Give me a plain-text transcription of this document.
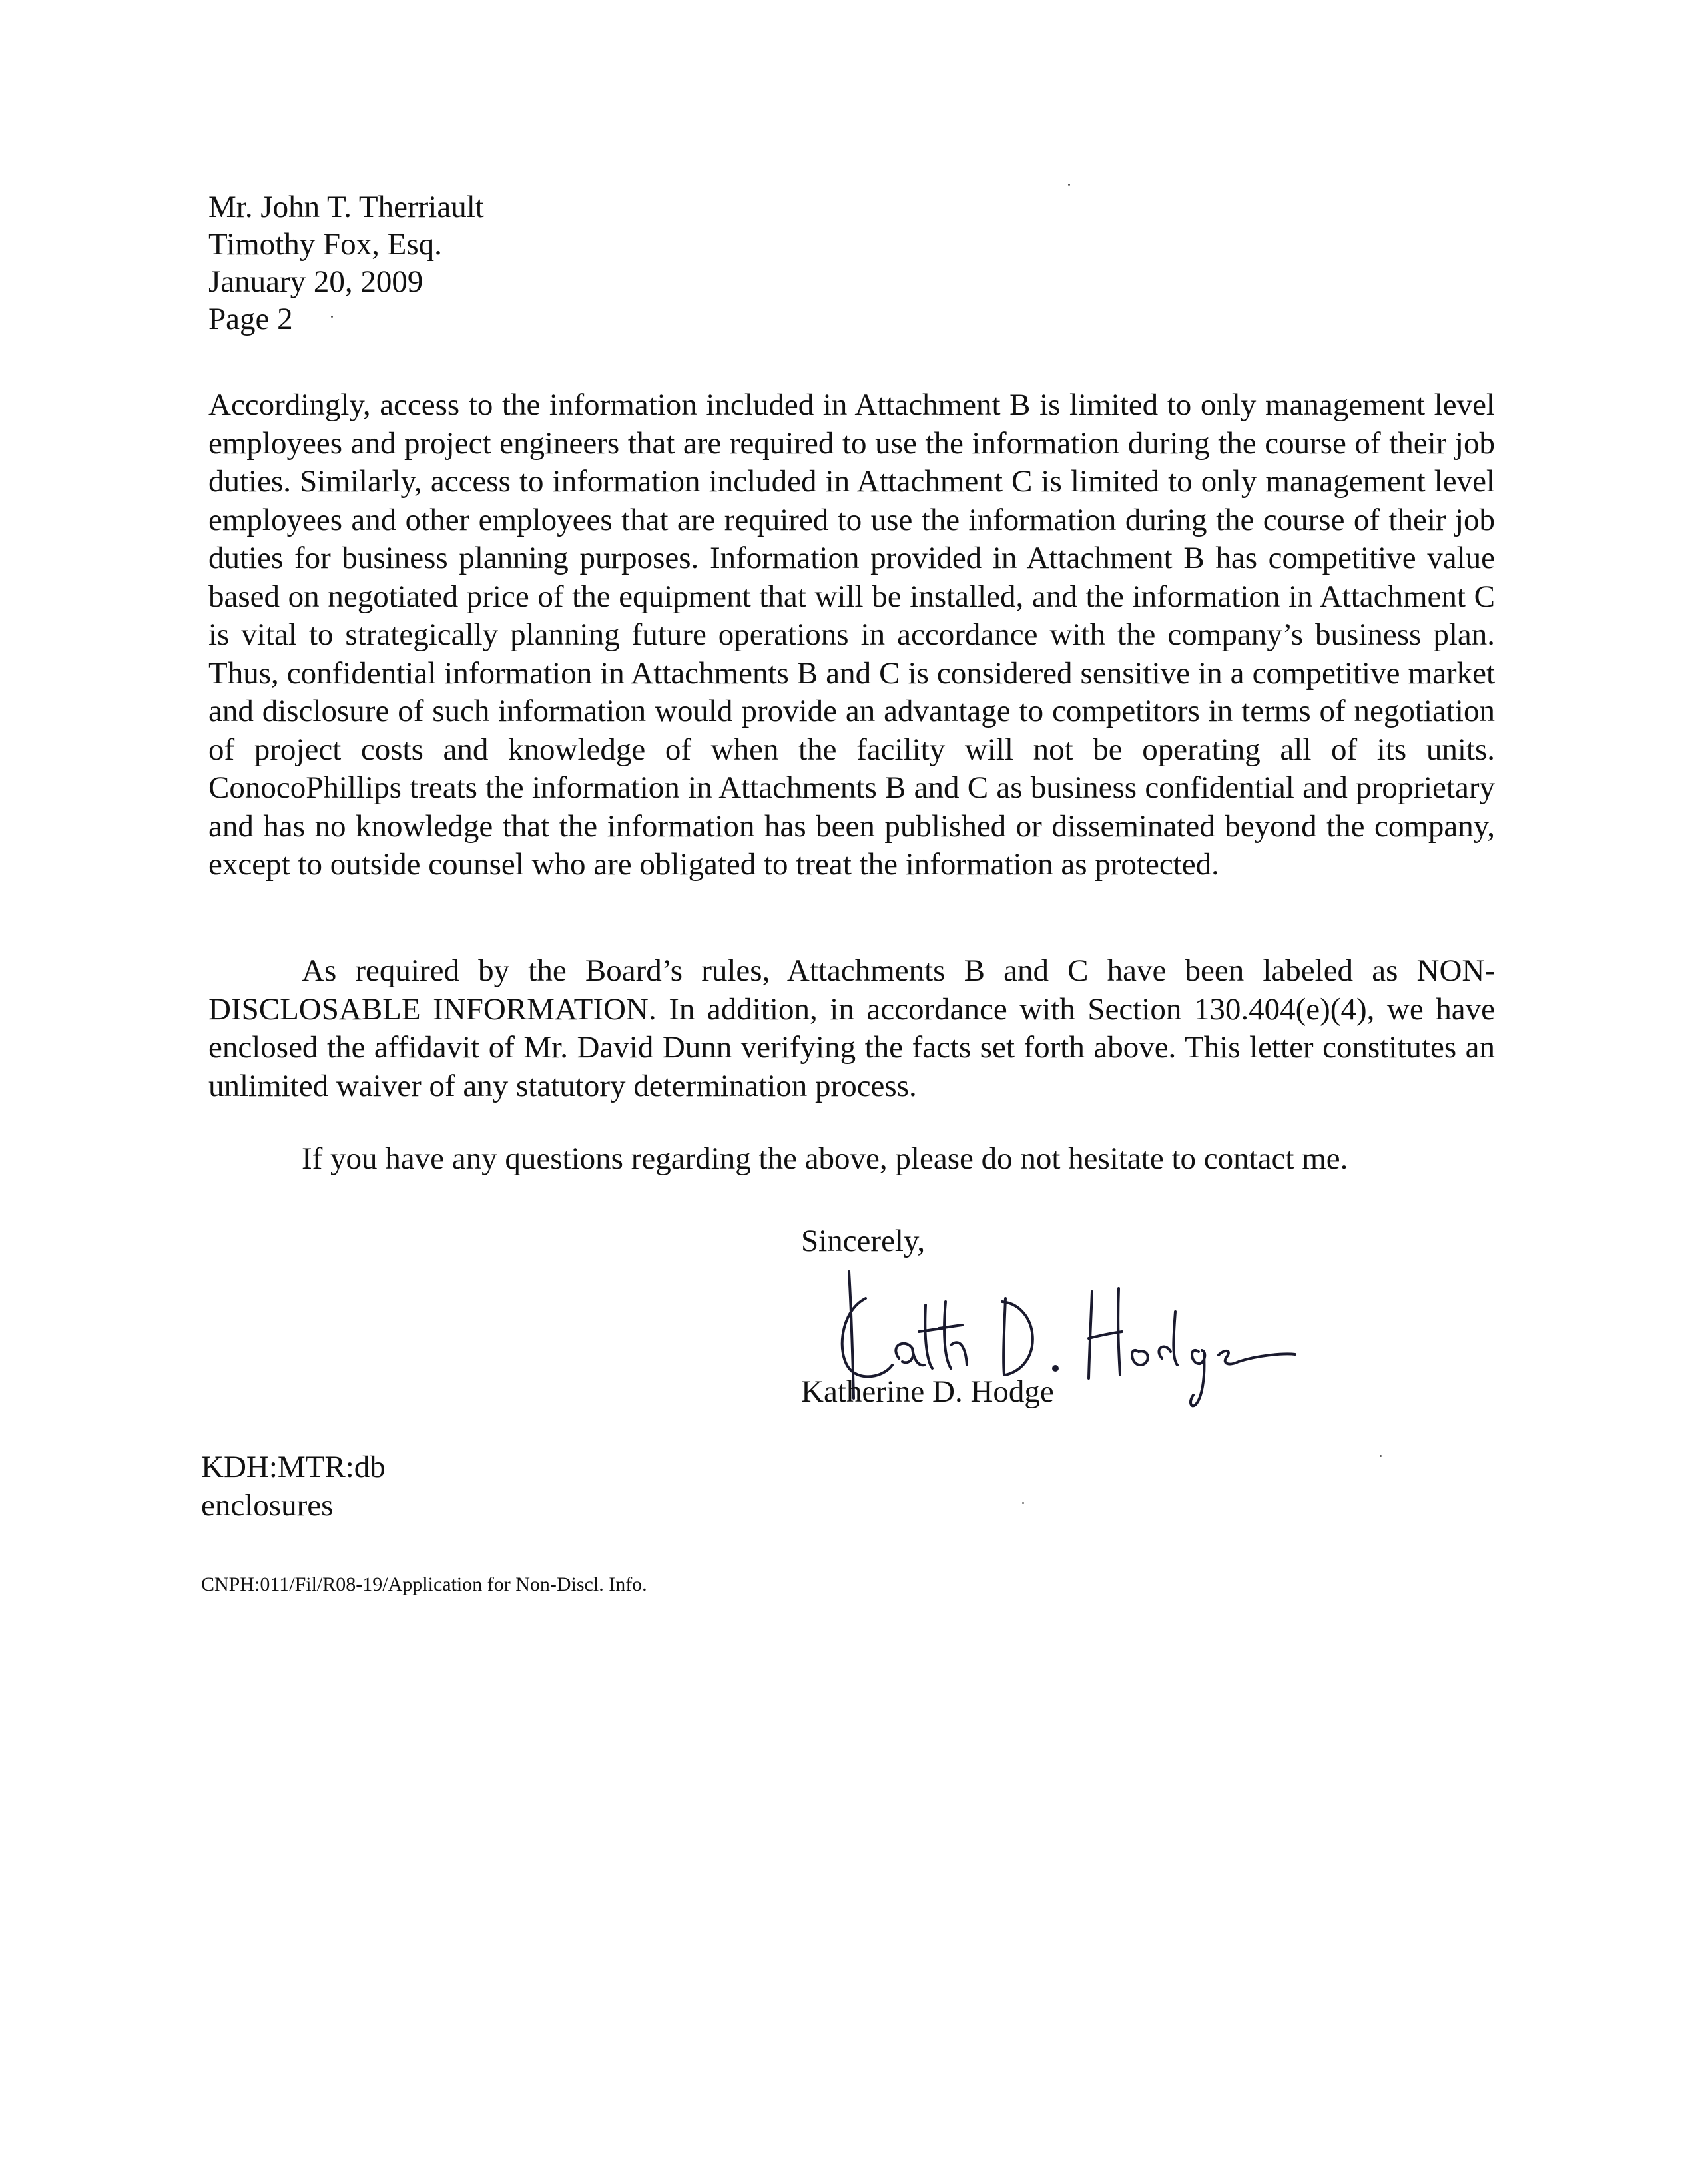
Mr. John T. Therriault
Timothy Fox, Esq.
January 20, 2009
Page 2
Accordingly, access to the information included in Attachment B is limited to only management level employees and project engineers that are required to use the information during the course of their job duties. Similarly, access to information included in Attachment C is limited to only management level employees and other employees that are required to use the information during the course of their job duties for business planning purposes. Information provided in Attachment B has competitive value based on negotiated price of the equipment that will be installed, and the information in Attachment C is vital to strategically planning future operations in accordance with the company’s business plan. Thus, confidential information in Attachments B and C is considered sensitive in a competitive market and disclosure of such information would provide an advantage to competitors in terms of negotiation of project costs and knowledge of when the facility will not be operating all of its units. ConocoPhillips treats the information in Attachments B and C as business confidential and proprietary and has no knowledge that the information has been published or disseminated beyond the company, except to outside counsel who are obligated to treat the information as protected.
As required by the Board’s rules, Attachments B and C have been labeled as NON-DISCLOSABLE INFORMATION. In addition, in accordance with Section 130.404(e)(4), we have enclosed the affidavit of Mr. David Dunn verifying the facts set forth above. This letter constitutes an unlimited waiver of any statutory determination process.
If you have any questions regarding the above, please do not hesitate to contact me.
Sincerely,
Katherine D. Hodge
KDH:MTR:db
enclosures
CNPH:011/Fil/R08-19/Application for Non-Discl. Info.
